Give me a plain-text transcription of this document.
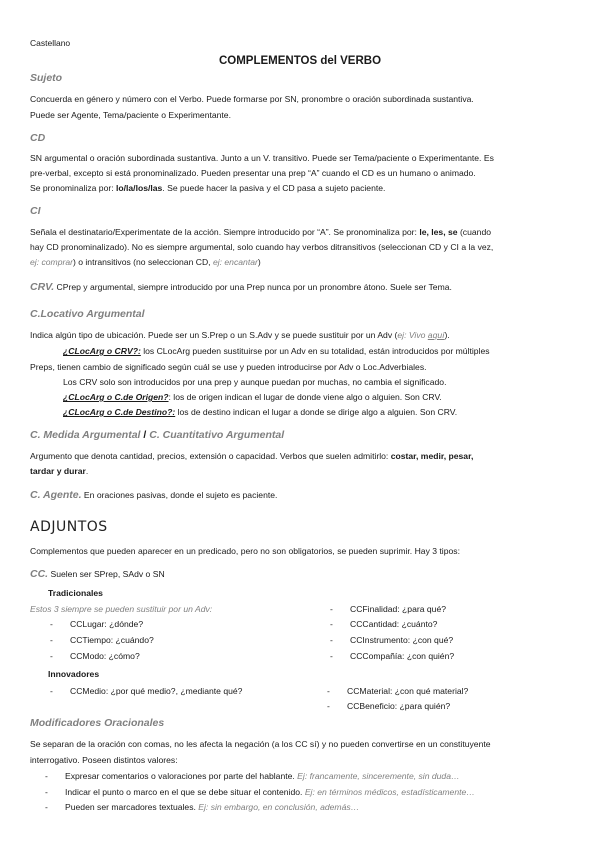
Castellano
COMPLEMENTOS del VERBO
Sujeto
Concuerda en género y número con el Verbo. Puede formarse por SN, pronombre o oración subordinada sustantiva.
Puede ser Agente, Tema/paciente o Experimentante.
CD
SN argumental o oración subordinada sustantiva. Junto a un V. transitivo. Puede ser Tema/paciente o Experimentante. Es
pre-verbal, excepto si está pronominalizado. Pueden presentar una prep “A” cuando el CD es un humano o animado.
Se pronominaliza por: lo/la/los/las. Se puede hacer la pasiva y el CD pasa a sujeto paciente.
CI
Señala el destinatario/Experimentate de la acción. Siempre introducido por “A”. Se pronominaliza por: le, les, se (cuando
hay CD pronominalizado). No es siempre argumental, solo cuando hay verbos ditransitivos (seleccionan CD y CI a la vez,
ej: comprar) o intransitivos (no seleccionan CD, ej: encantar)
CRV. CPrep y argumental, siempre introducido por una Prep nunca por un pronombre átono. Suele ser Tema.
C.Locativo Argumental
Indica algún tipo de ubicación. Puede ser un S.Prep o un S.Adv y se puede sustituir por un Adv (ej: Vivo aquí).
¿CLocArg o CRV?: los CLocArg pueden sustituirse por un Adv en su totalidad, están introducidos por múltiples
Preps, tienen cambio de significado según cuál se use y pueden introducirse por Adv o Loc.Adverbiales.
Los CRV solo son introducidos por una prep y aunque puedan por muchas, no cambia el significado.
¿CLocArg o C.de Origen?: los de origen indican el lugar de donde viene algo o alguien. Son CRV.
¿CLocArg o C.de Destino?: los de destino indican el lugar a donde se dirige algo a alguien. Son CRV.
C. Medida Argumental / C. Cuantitativo Argumental
Argumento que denota cantidad, precios, extensión o capacidad. Verbos que suelen admitirlo: costar, medir, pesar,
tardar y durar.
C. Agente. En oraciones pasivas, donde el sujeto es paciente.
ADJUNTOS
Complementos que pueden aparecer en un predicado, pero no son obligatorios, se pueden suprimir. Hay 3 tipos:
CC. Suelen ser SPrep, SAdv o SN
Tradicionales
Estos 3 siempre se pueden sustituir por un Adv:
- CCLugar: ¿dónde?
- CCTiempo: ¿cuándo?
- CCModo: ¿cómo?
- CCFinalidad: ¿para qué?
- CCCantidad: ¿cuánto?
- CCInstrumento: ¿con qué?
- CCCompañía: ¿con quién?
Innovadores
- CCMedio: ¿por qué medio?, ¿mediante qué?	- CCMaterial: ¿con qué material?
- CCBeneficio: ¿para quién?
Modificadores Oracionales
Se separan de la oración con comas, no les afecta la negación (a los CC sí) y no pueden convertirse en un constituyente
interrogativo. Poseen distintos valores:
- Expresar comentarios o valoraciones por parte del hablante. Ej: francamente, sinceremente, sin duda…
- Indicar el punto o marco en el que se debe situar el contenido. Ej: en términos médicos, estadísticamente…
- Pueden ser marcadores textuales. Ej: sin embargo, en conclusión, además…
